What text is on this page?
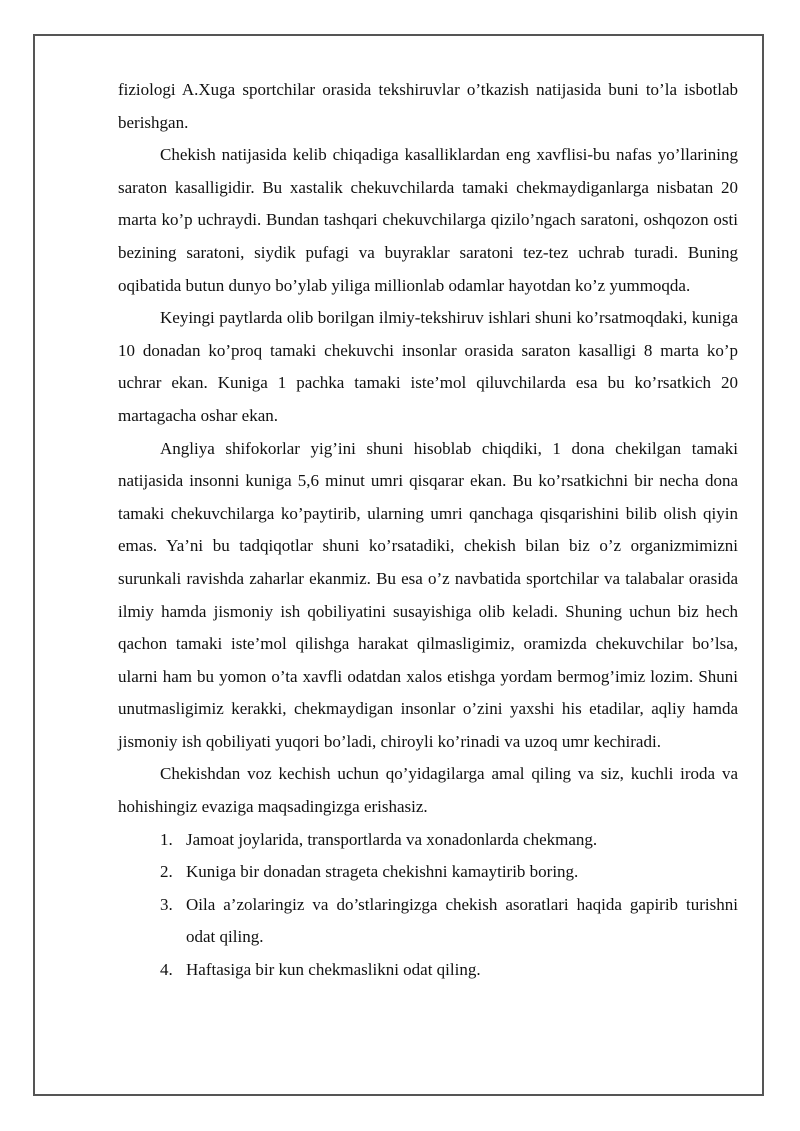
fiziologi A.Xuga sportchilar orasida tekshiruvlar o’tkazish natijasida buni to’la isbotlab berishgan.

Chekish natijasida kelib chiqadiga kasalliklardan eng xavflisi-bu nafas yo’llarining saraton kasalligidir. Bu xastalik chekuvchilarda tamaki chekmaydiganlarga nisbatan 20 marta ko’p uchraydi. Bundan tashqari chekuvchilarga qizilo’ngach saratoni, oshqozon osti bezining saratoni, siydik pufagi va buyraklar saratoni tez-tez uchrab turadi. Buning oqibatida butun dunyo bo’ylab yiliga millionlab odamlar hayotdan ko’z yummoqda.

Keyingi paytlarda olib borilgan ilmiy-tekshiruv ishlari shuni ko’rsatmoqdaki, kuniga 10 donadan ko’proq tamaki chekuvchi insonlar orasida saraton kasalligi 8 marta ko’p uchrar ekan. Kuniga 1 pachka tamaki iste’mol qiluvchilarda esa bu ko’rsatkich 20 martagacha oshar ekan.

Angliya shifokorlar yig’ini shuni hisoblab chiqdiki, 1 dona chekilgan tamaki natijasida insonni kuniga 5,6 minut umri qisqarar ekan. Bu ko’rsatkichni bir necha dona tamaki chekuvchilarga ko’paytirib, ularning umri qanchaga qisqarishini bilib olish qiyin emas. Ya’ni bu tadqiqotlar shuni ko’rsatadiki, chekish bilan biz o’z organizmimizni surunkali ravishda zaharlar ekanmiz. Bu esa o’z navbatida sportchilar va talabalar orasida ilmiy hamda jismoniy ish qobiliyatini susayishiga olib keladi. Shuning uchun biz hech qachon tamaki iste’mol qilishga harakat qilmasligimiz, oramizda chekuvchilar bo’lsa, ularni ham bu yomon o’ta xavfli odatdan xalos etishga yordam bermog’imiz lozim. Shuni unutmasligimiz kerakki, chekmaydigan insonlar o’zini yaxshi his etadilar, aqliy hamda jismoniy ish qobiliyati yuqori bo’ladi, chiroyli ko’rinadi va uzoq umr kechiradi.

Chekishdan voz kechish uchun qo’yidagilarga amal qiling va siz, kuchli iroda va hohishingiz evaziga maqsadingizga erishasiz.

1. Jamoat joylarida, transportlarda va xonadonlarda chekmang.
2. Kuniga bir donadan strageta chekishni kamaytirib boring.
3. Oila a’zolaringiz va do’stlaringizga chekish asoratlari haqida gapirib turishni odat qiling.
4. Haftasiga bir kun chekmaslikni odat qiling.
